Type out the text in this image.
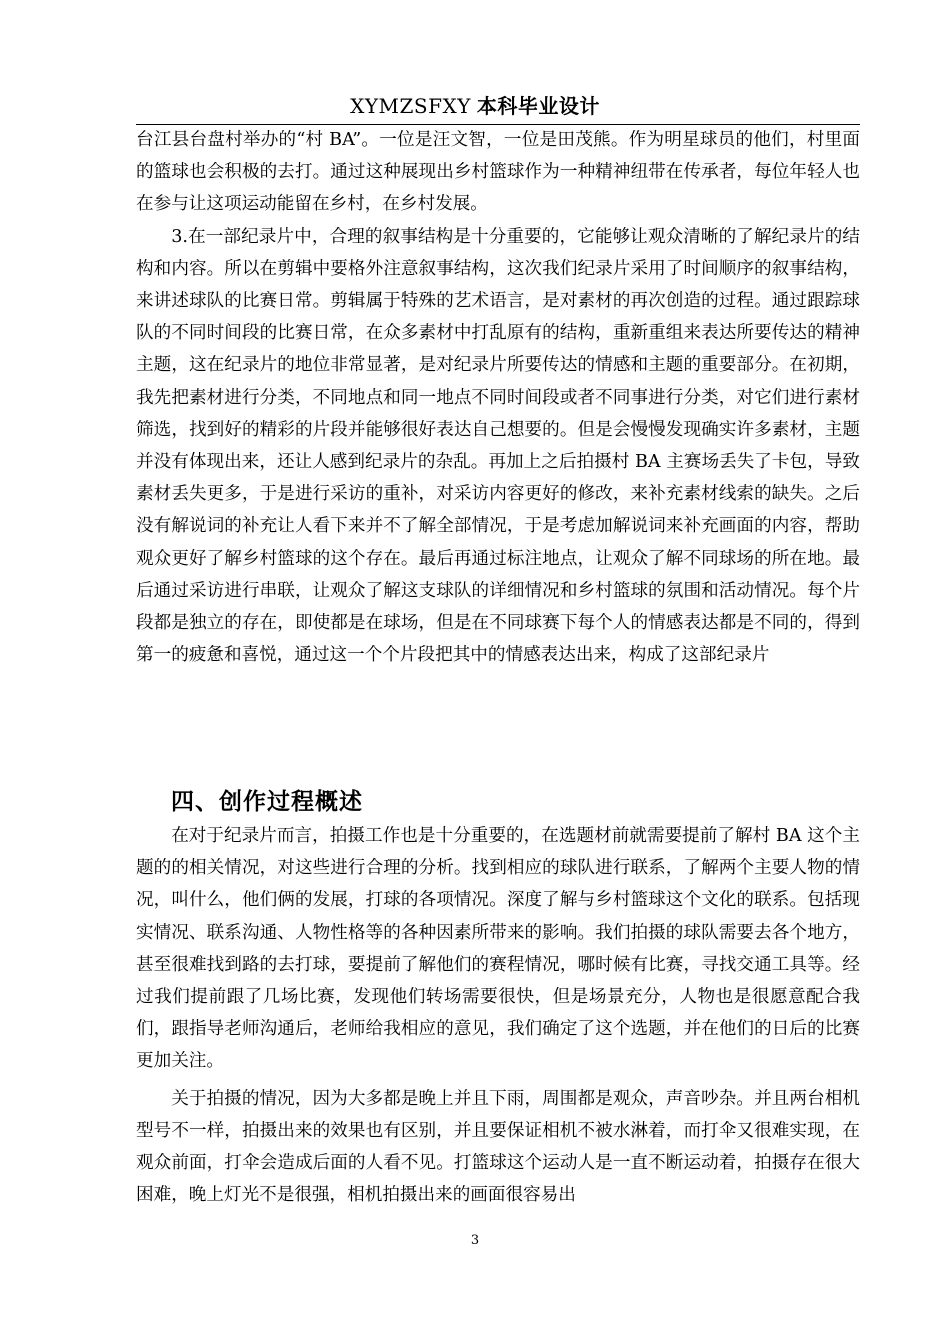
XYMZSFXY 本科毕业设计

台江县台盘村举办的“村 BA”。一位是汪文智，一位是田茂熊。作为明星球员的他们，村里面的篮球也会积极的去打。通过这种展现出乡村篮球作为一种精神纽带在传承者，每位年轻人也在参与让这项运动能留在乡村，在乡村发展。

3.在一部纪录片中，合理的叙事结构是十分重要的，它能够让观众清晰的了解纪录片的结构和内容。所以在剪辑中要格外注意叙事结构，这次我们纪录片采用了时间顺序的叙事结构，来讲述球队的比赛日常。剪辑属于特殊的艺术语言，是对素材的再次创造的过程。通过跟踪球队的不同时间段的比赛日常，在众多素材中打乱原有的结构，重新重组来表达所要传达的精神主题，这在纪录片的地位非常显著，是对纪录片所要传达的情感和主题的重要部分。在初期，我先把素材进行分类，不同地点和同一地点不同时间段或者不同事进行分类，对它们进行素材筛选，找到好的精彩的片段并能够很好表达自己想要的。但是会慢慢发现确实许多素材，主题并没有体现出来，还让人感到纪录片的杂乱。再加上之后拍摄村 BA 主赛场丢失了卡包，导致素材丢失更多，于是进行采访的重补，对采访内容更好的修改，来补充素材线索的缺失。之后没有解说词的补充让人看下来并不了解全部情况，于是考虑加解说词来补充画面的内容，帮助观众更好了解乡村篮球的这个存在。最后再通过标注地点，让观众了解不同球场的所在地。最后通过采访进行串联，让观众了解这支球队的详细情况和乡村篮球的氛围和活动情况。每个片段都是独立的存在，即使都是在球场，但是在不同球赛下每个人的情感表达都是不同的，得到第一的疲惫和喜悦，通过这一个个片段把其中的情感表达出来，构成了这部纪录片

四、创作过程概述

在对于纪录片而言，拍摄工作也是十分重要的，在选题材前就需要提前了解村 BA 这个主题的的相关情况，对这些进行合理的分析。找到相应的球队进行联系，了解两个主要人物的情况，叫什么，他们俩的发展，打球的各项情况。深度了解与乡村篮球这个文化的联系。包括现实情况、联系沟通、人物性格等的各种因素所带来的影响。我们拍摄的球队需要去各个地方，甚至很难找到路的去打球，要提前了解他们的赛程情况，哪时候有比赛，寻找交通工具等。经过我们提前跟了几场比赛，发现他们转场需要很快，但是场景充分，人物也是很愿意配合我们，跟指导老师沟通后，老师给我相应的意见，我们确定了这个选题，并在他们的日后的比赛更加关注。

关于拍摄的情况，因为大多都是晚上并且下雨，周围都是观众，声音吵杂。并且两台相机型号不一样，拍摄出来的效果也有区别，并且要保证相机不被水淋着，而打伞又很难实现，在观众前面，打伞会造成后面的人看不见。打篮球这个运动人是一直不断运动着，拍摄存在很大困难，晚上灯光不是很强，相机拍摄出来的画面很容易出

3
